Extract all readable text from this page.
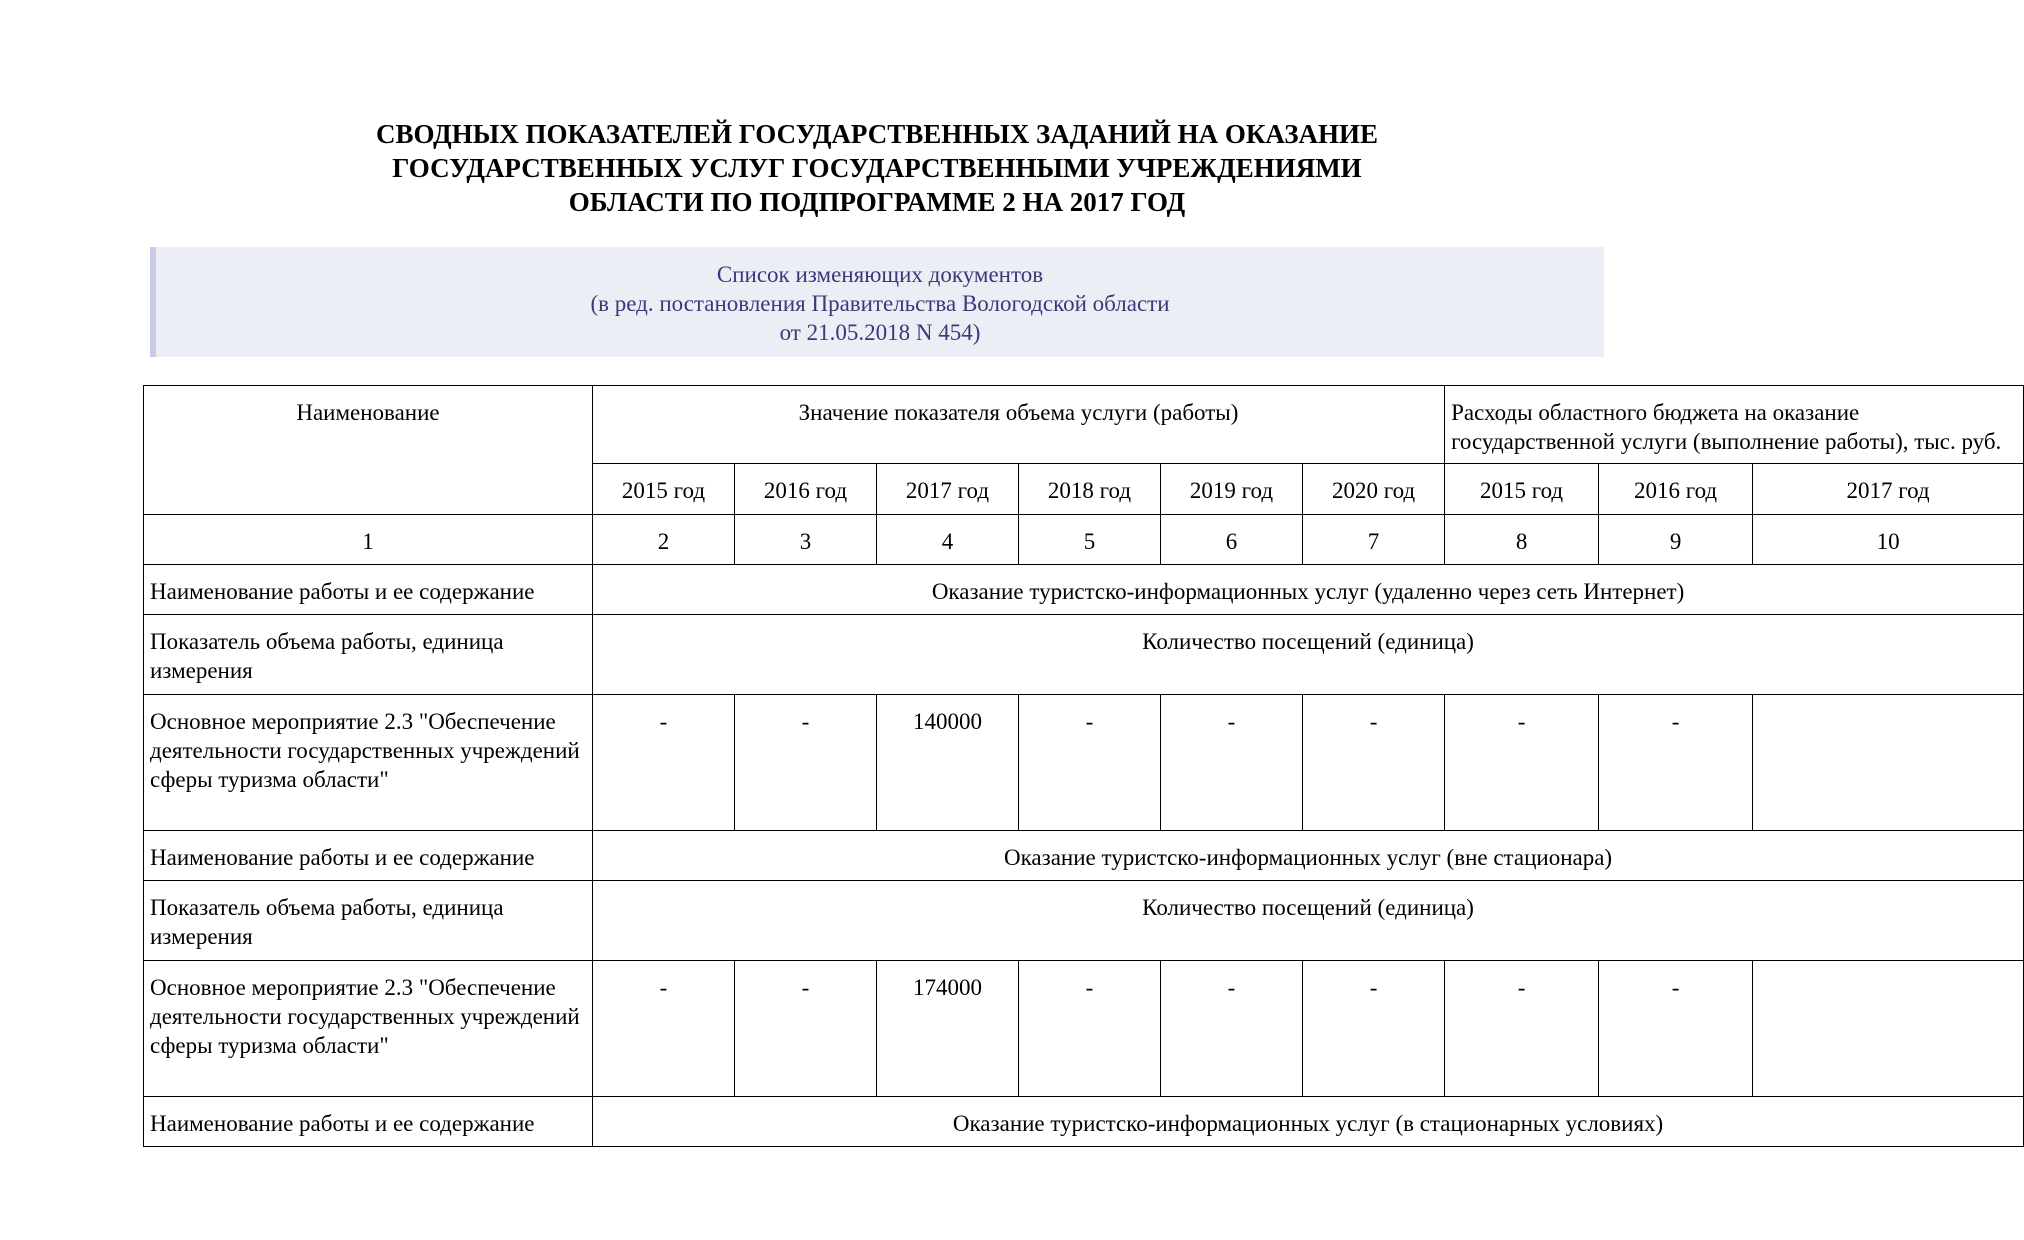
СВОДНЫХ ПОКАЗАТЕЛЕЙ ГОСУДАРСТВЕННЫХ ЗАДАНИЙ НА ОКАЗАНИЕ
ГОСУДАРСТВЕННЫХ УСЛУГ ГОСУДАРСТВЕННЫМИ УЧРЕЖДЕНИЯМИ
ОБЛАСТИ ПО ПОДПРОГРАММЕ 2 НА 2017 ГОД
Список изменяющих документов
(в ред. постановления Правительства Вологодской области
от 21.05.2018 N 454)
Наименование	Значение показателя объема услуги (работы)						Расходы областного бюджета на оказание государственной услуги (выполнение работы), тыс. руб.		
	2015 год	2016 год	2017 год	2018 год	2019 год	2020 год	2015 год	2016 год	2017 год
1	2	3	4	5	6	7	8	9	10
Наименование работы и ее содержание	Оказание туристско-информационных услуг (удаленно через сеть Интернет)								
Показатель объема работы, единица измерения	Количество посещений (единица)								
Основное мероприятие 2.3 "Обеспечение деятельности государственных учреждений сферы туризма области"	-	-	140000	-	-	-	-	-	
Наименование работы и ее содержание	Оказание туристско-информационных услуг (вне стационара)								
Показатель объема работы, единица измерения	Количество посещений (единица)								
Основное мероприятие 2.3 "Обеспечение деятельности государственных учреждений сферы туризма области"	-	-	174000	-	-	-	-	-	
Наименование работы и ее содержание	Оказание туристско-информационных услуг (в стационарных условиях)								
